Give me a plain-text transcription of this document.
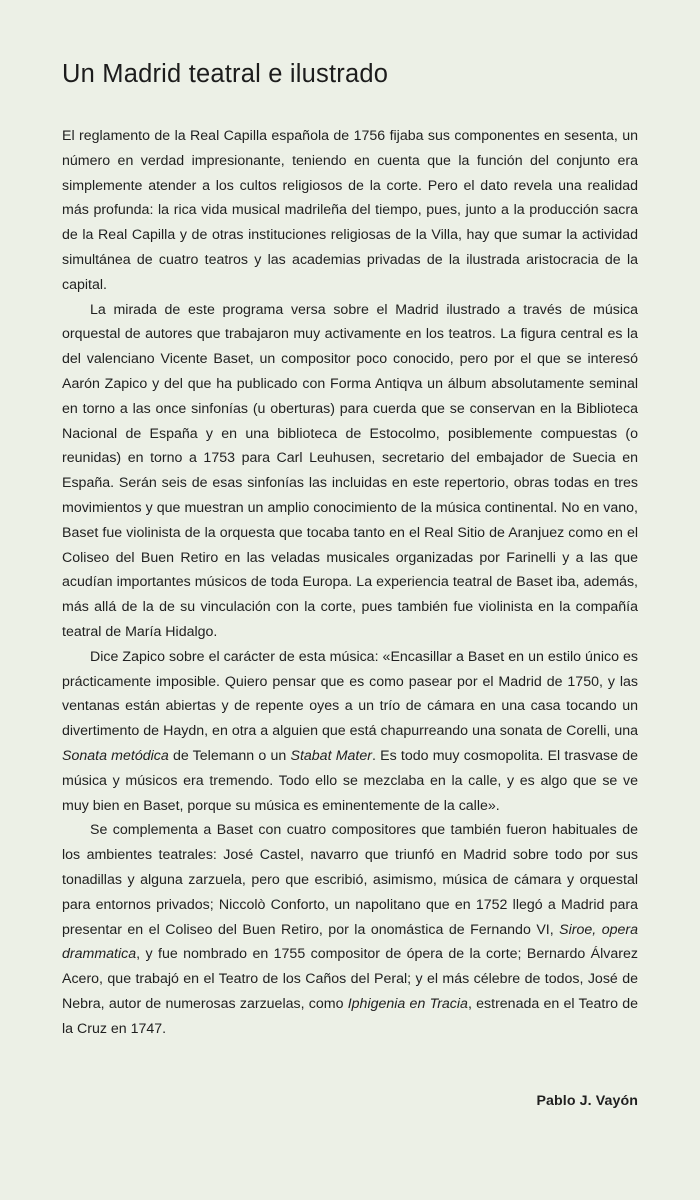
Un Madrid teatral e ilustrado

El reglamento de la Real Capilla española de 1756 fijaba sus componentes en sesenta, un número en verdad impresionante, teniendo en cuenta que la función del conjunto era simplemente atender a los cultos religiosos de la corte. Pero el dato revela una realidad más profunda: la rica vida musical madrileña del tiempo, pues, junto a la producción sacra de la Real Capilla y de otras instituciones religiosas de la Villa, hay que sumar la actividad simultánea de cuatro teatros y las academias privadas de la ilustrada aristocracia de la capital.

La mirada de este programa versa sobre el Madrid ilustrado a través de música orquestal de autores que trabajaron muy activamente en los teatros. La figura central es la del valenciano Vicente Baset, un compositor poco conocido, pero por el que se interesó Aarón Zapico y del que ha publicado con Forma Antiqva un álbum absolutamente seminal en torno a las once sinfonías (u oberturas) para cuerda que se conservan en la Biblioteca Nacional de España y en una biblioteca de Estocolmo, posiblemente compuestas (o reunidas) en torno a 1753 para Carl Leuhusen, secretario del embajador de Suecia en España. Serán seis de esas sinfonías las incluidas en este repertorio, obras todas en tres movimientos y que muestran un amplio conocimiento de la música continental. No en vano, Baset fue violinista de la orquesta que tocaba tanto en el Real Sitio de Aranjuez como en el Coliseo del Buen Retiro en las veladas musicales organizadas por Farinelli y a las que acudían importantes músicos de toda Europa. La experiencia teatral de Baset iba, además, más allá de la de su vinculación con la corte, pues también fue violinista en la compañía teatral de María Hidalgo.

Dice Zapico sobre el carácter de esta música: «Encasillar a Baset en un estilo único es prácticamente imposible. Quiero pensar que es como pasear por el Madrid de 1750, y las ventanas están abiertas y de repente oyes a un trío de cámara en una casa tocando un divertimento de Haydn, en otra a alguien que está chapurreando una sonata de Corelli, una Sonata metódica de Telemann o un Stabat Mater. Es todo muy cosmopolita. El trasvase de música y músicos era tremendo. Todo ello se mezclaba en la calle, y es algo que se ve muy bien en Baset, porque su música es eminentemente de la calle».

Se complementa a Baset con cuatro compositores que también fueron habituales de los ambientes teatrales: José Castel, navarro que triunfó en Madrid sobre todo por sus tonadillas y alguna zarzuela, pero que escribió, asimismo, música de cámara y orquestal para entornos privados; Niccolò Conforto, un napolitano que en 1752 llegó a Madrid para presentar en el Coliseo del Buen Retiro, por la onomástica de Fernando VI, Siroe, opera drammatica, y fue nombrado en 1755 compositor de ópera de la corte; Bernardo Álvarez Acero, que trabajó en el Teatro de los Caños del Peral; y el más célebre de todos, José de Nebra, autor de numerosas zarzuelas, como Iphigenia en Tracia, estrenada en el Teatro de la Cruz en 1747.

Pablo J. Vayón
